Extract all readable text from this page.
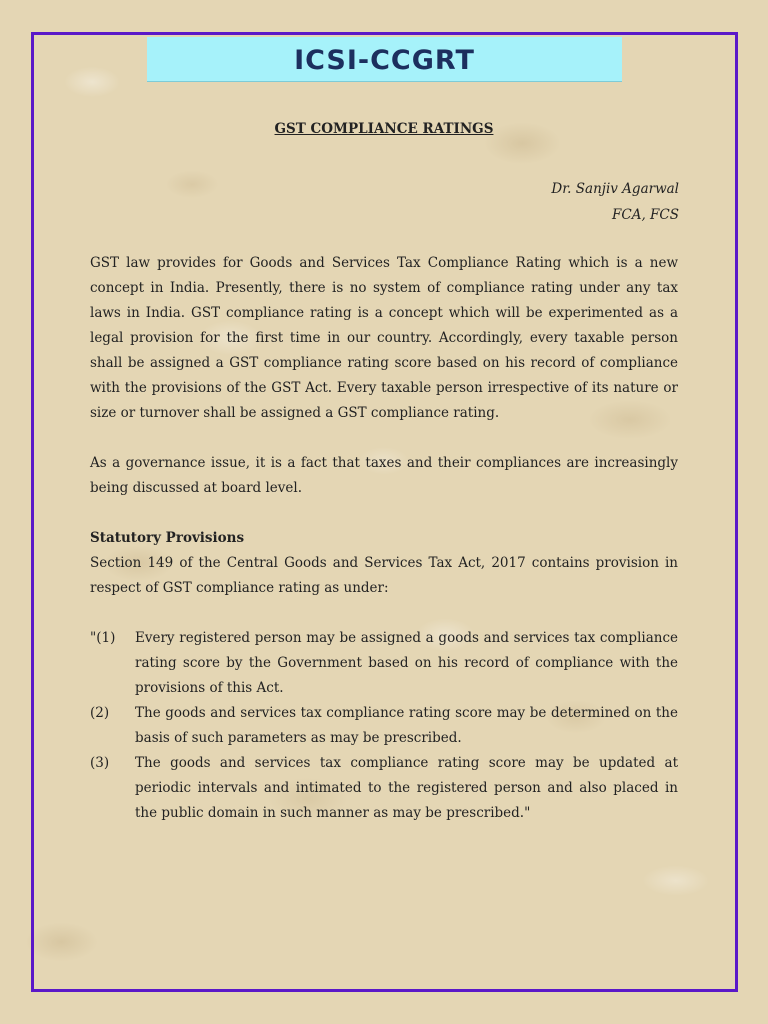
ICSI-CCGRT
GST COMPLIANCE RATINGS
Dr. Sanjiv Agarwal
FCA, FCS

GST law provides for Goods and Services Tax Compliance Rating which is a new concept in India. Presently, there is no system of compliance rating under any tax laws in India. GST compliance rating is a concept which will be experimented as a legal provision for the first time in our country. Accordingly, every taxable person shall be assigned a GST compliance rating score based on his record of compliance with the provisions of the GST Act. Every taxable person irrespective of its nature or size or turnover shall be assigned a GST compliance rating.

As a governance issue, it is a fact that taxes and their compliances are increasingly being discussed at board level.

Statutory Provisions
Section 149 of the Central Goods and Services Tax Act, 2017 contains provision in respect of GST compliance rating as under:
"(1) Every registered person may be assigned a goods and services tax compliance rating score by the Government based on his record of compliance with the provisions of this Act.
(2) The goods and services tax compliance rating score may be determined on the basis of such parameters as may be prescribed.
(3) The goods and services tax compliance rating score may be updated at periodic intervals and intimated to the registered person and also placed in the public domain in such manner as may be prescribed."
